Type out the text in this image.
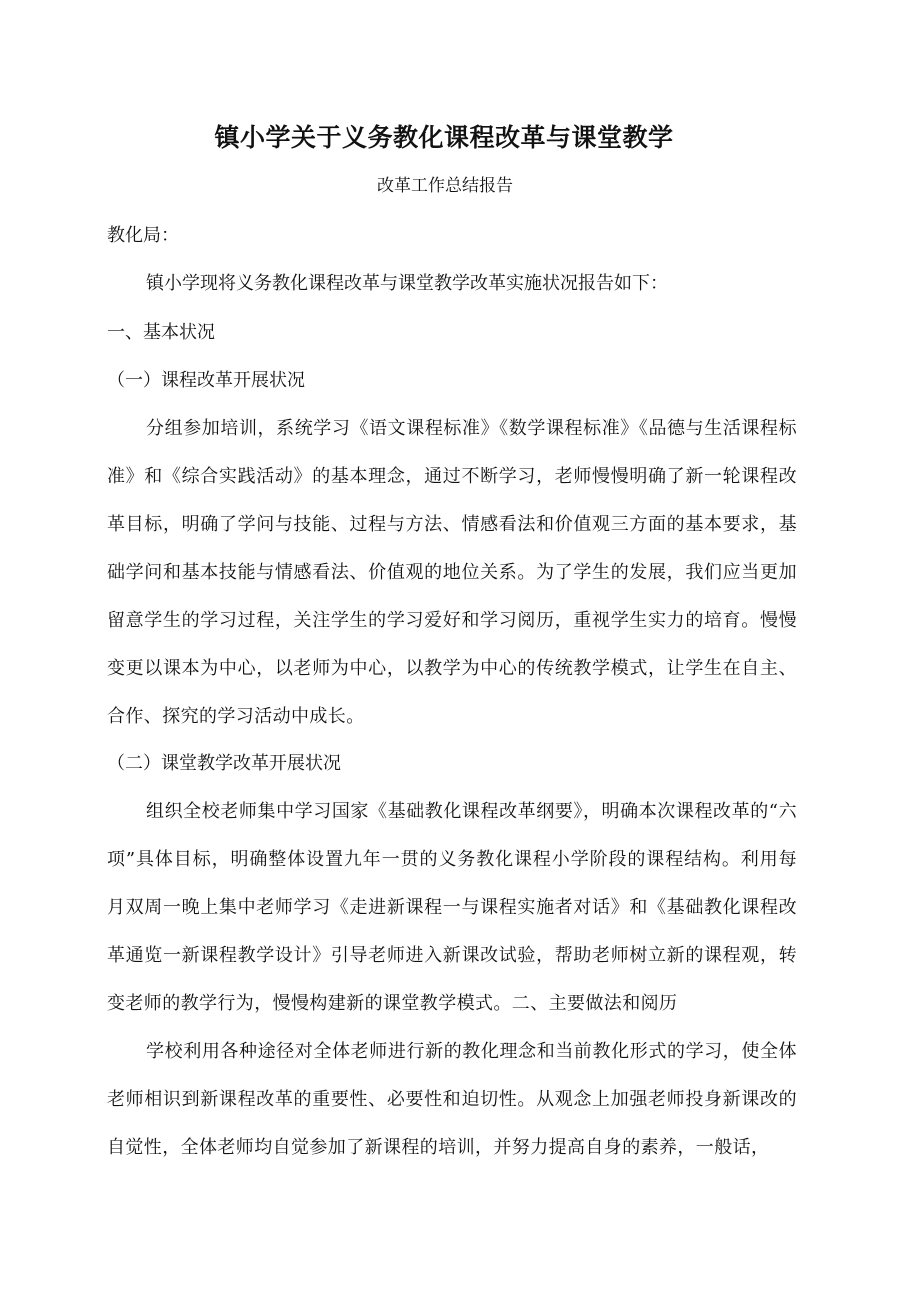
镇小学关于义务教化课程改革与课堂教学
改革工作总结报告
教化局：
镇小学现将义务教化课程改革与课堂教学改革实施状况报告如下：
一、基本状况
（一）课程改革开展状况
分组参加培训，系统学习《语文课程标准》《数学课程标准》《品德与生活课程标准》和《综合实践活动》的基本理念，通过不断学习，老师慢慢明确了新一轮课程改革目标，明确了学问与技能、过程与方法、情感看法和价值观三方面的基本要求，基础学问和基本技能与情感看法、价值观的地位关系。为了学生的发展，我们应当更加留意学生的学习过程，关注学生的学习爱好和学习阅历，重视学生实力的培育。慢慢变更以课本为中心，以老师为中心，以教学为中心的传统教学模式，让学生在自主、合作、探究的学习活动中成长。
（二）课堂教学改革开展状况
组织全校老师集中学习国家《基础教化课程改革纲要》，明确本次课程改革的“六项”具体目标，明确整体设置九年一贯的义务教化课程小学阶段的课程结构。利用每月双周一晚上集中老师学习《走进新课程一与课程实施者对话》和《基础教化课程改革通览一新课程教学设计》引导老师进入新课改试验，帮助老师树立新的课程观，转变老师的教学行为，慢慢构建新的课堂教学模式。二、主要做法和阅历
学校利用各种途径对全体老师进行新的教化理念和当前教化形式的学习，使全体老师相识到新课程改革的重要性、必要性和迫切性。从观念上加强老师投身新课改的自觉性，全体老师均自觉参加了新课程的培训，并努力提高自身的素养，一般话，
